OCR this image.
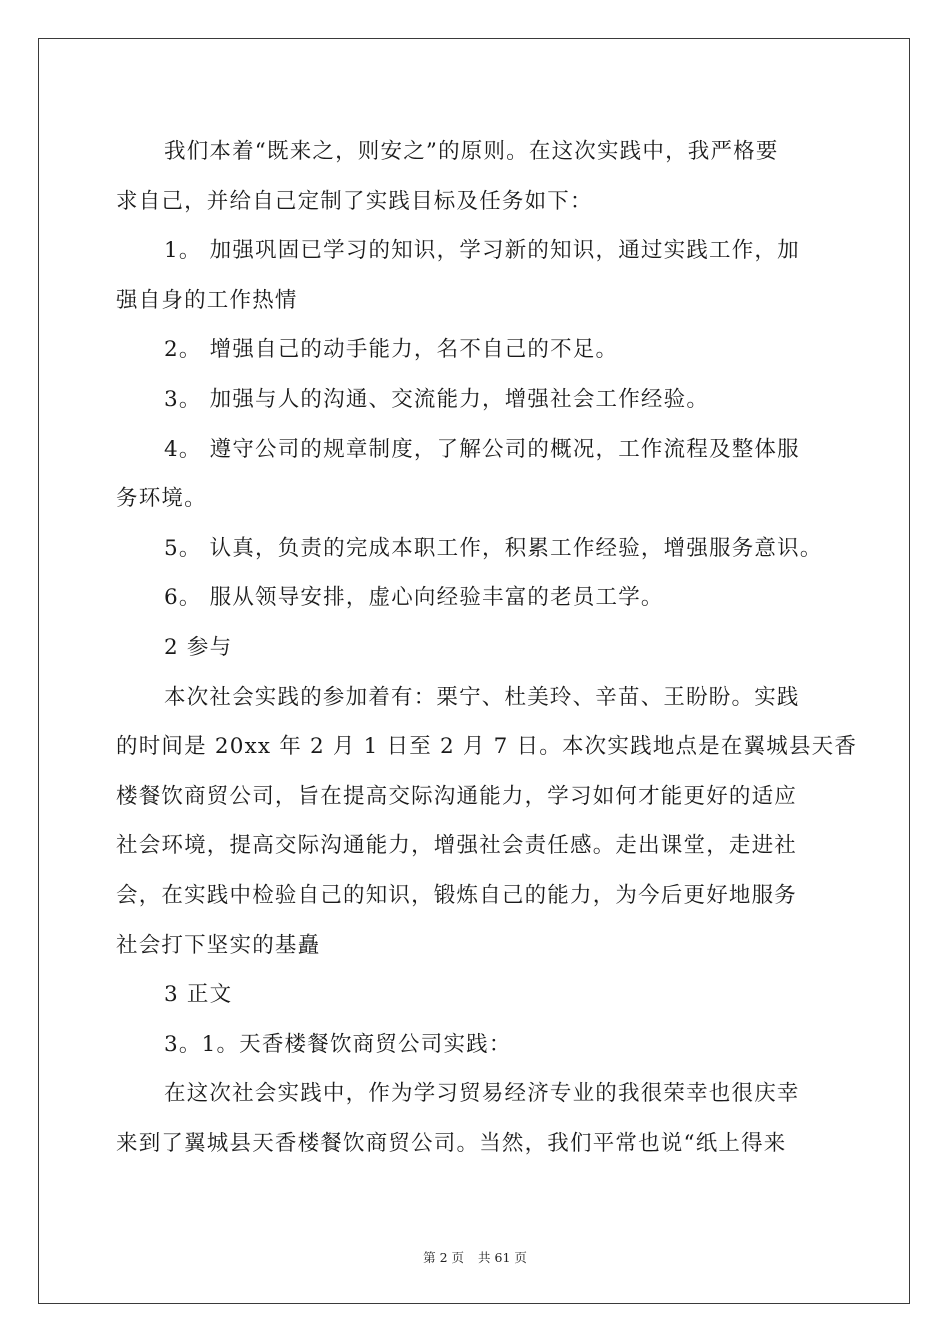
我们本着“既来之，则安之”的原则。在这次实践中，我严格要
求自己，并给自己定制了实践目标及任务如下：
1。 加强巩固已学习的知识，学习新的知识，通过实践工作，加
强自身的工作热情
2。 增强自己的动手能力，名不自己的不足。
3。 加强与人的沟通、交流能力，增强社会工作经验。
4。 遵守公司的规章制度，了解公司的概况，工作流程及整体服
务环境。
5。 认真，负责的完成本职工作，积累工作经验，增强服务意识。
6。 服从领导安排，虚心向经验丰富的老员工学。
2 参与
本次社会实践的参加着有：栗宁、杜美玲、辛苗、王盼盼。实践
的时间是 20xx 年 2 月 1 日至 2 月 7 日。本次实践地点是在翼城县天香
楼餐饮商贸公司，旨在提高交际沟通能力，学习如何才能更好的适应
社会环境，提高交际沟通能力，增强社会责任感。走出课堂，走进社
会，在实践中检验自己的知识，锻炼自己的能力，为今后更好地服务
社会打下坚实的基矗
3 正文
3。1。天香楼餐饮商贸公司实践：
在这次社会实践中，作为学习贸易经济专业的我很荣幸也很庆幸
来到了翼城县天香楼餐饮商贸公司。当然，我们平常也说“纸上得来
第 2 页 共 61 页
